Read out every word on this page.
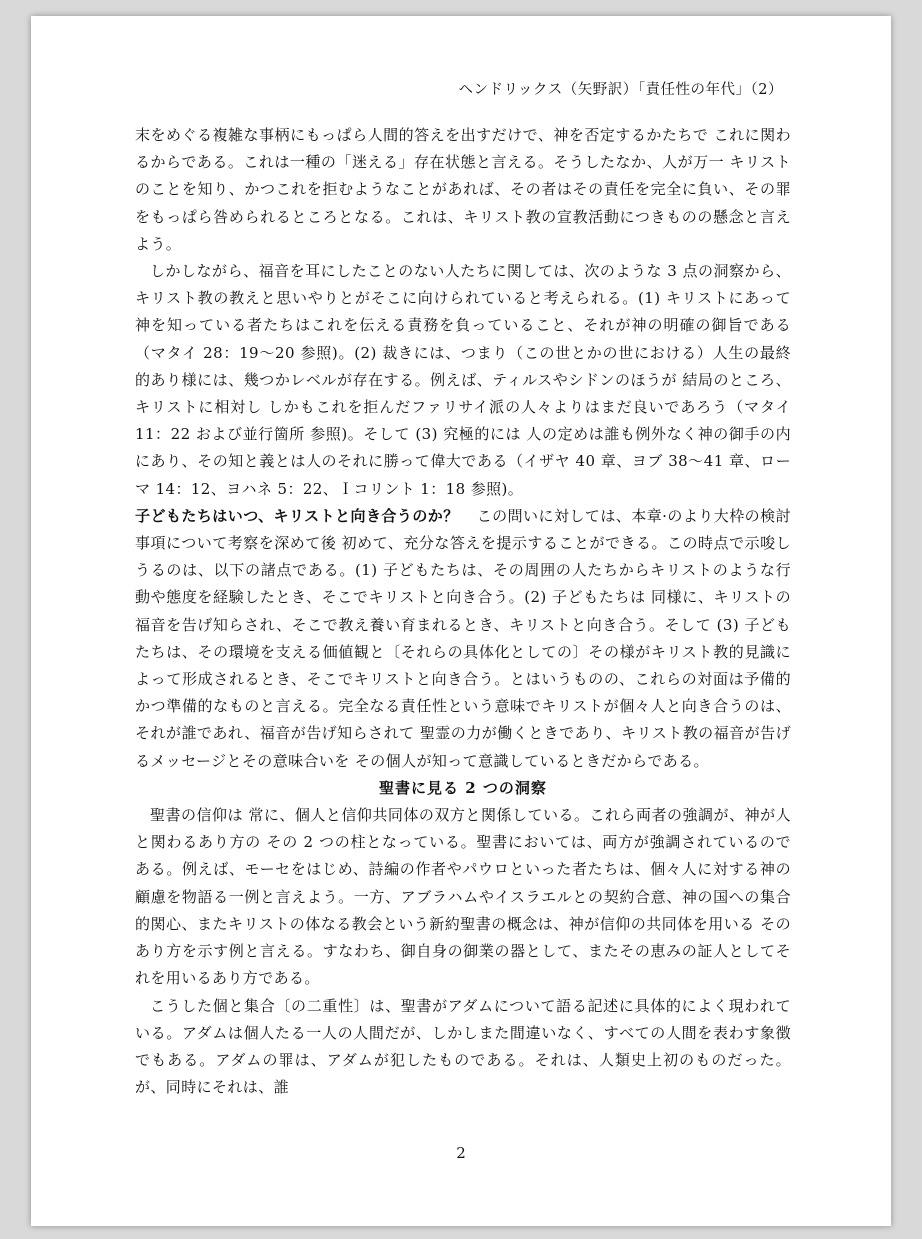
ヘンドリックス（矢野訳）「責任性の年代」（2）

末をめぐる複雑な事柄にもっぱら人間的答えを出すだけで、神を否定するかたちで これに関わるからである。これは一種の「迷える」存在状態と言える。そうしたなか、人が万一 キリストのことを知り、かつこれを拒むようなことがあれば、その者はその責任を完全に負い、その罪をもっぱら咎められるところとなる。これは、キリスト教の宣教活動につきものの懸念と言えよう。

しかしながら、福音を耳にしたことのない人たちに関しては、次のような 3 点の洞察から、キリスト教の教えと思いやりとがそこに向けられていると考えられる。(1) キリストにあって神を知っている者たちはこれを伝える責務を負っていること、それが神の明確の御旨である（マタイ 28：19～20 参照)。(2) 裁きには、つまり（この世とかの世における）人生の最終的あり様には、幾つかレベルが存在する。例えば、ティルスやシドンのほうが 結局のところ、キリストに相対し しかもこれを拒んだファリサイ派の人々よりはまだ良いであろう（マタイ 11：22 および並行箇所 参照)。そして (3) 究極的には 人の定めは誰も例外なく神の御手の内にあり、その知と義とは人のそれに勝って偉大である（イザヤ 40 章、ヨブ 38～41 章、ローマ 14：12、ヨハネ 5：22、Ｉコリント 1：18 参照)。

子どもたちはいつ、キリストと向き合うのか？ この問いに対しては、本章·のより大枠の検討事項について考察を深めて後 初めて、充分な答えを提示することができる。この時点で示唆しうるのは、以下の諸点である。(1) 子どもたちは、その周囲の人たちからキリストのような行動や態度を経験したとき、そこでキリストと向き合う。(2) 子どもたちは 同様に、キリストの福音を告げ知らされ、そこで教え養い育まれるとき、キリストと向き合う。そして (3) 子どもたちは、その環境を支える価値観と〔それらの具体化としての〕その様がキリスト教的見識によって形成されるとき、そこでキリストと向き合う。とはいうものの、これらの対面は予備的かつ準備的なものと言える。完全なる責任性という意味でキリストが個々人と向き合うのは、それが誰であれ、福音が告げ知らされて 聖霊の力が働くときであり、キリスト教の福音が告げるメッセージとその意味合いを その個人が知って意識しているときだからである。

聖書に見る 2 つの洞察

聖書の信仰は 常に、個人と信仰共同体の双方と関係している。これら両者の強調が、神が人と関わるあり方の その 2 つの柱となっている。聖書においては、両方が強調されているのである。例えば、モーセをはじめ、詩編の作者やパウロといった者たちは、個々人に対する神の顧慮を物語る一例と言えよう。一方、アブラハムやイスラエルとの契約合意、神の国への集合的関心、またキリストの体なる教会という新約聖書の概念は、神が信仰の共同体を用いる そのあり方を示す例と言える。すなわち、御自身の御業の器として、またその恵みの証人としてそれを用いるあり方である。

こうした個と集合〔の二重性〕は、聖書がアダムについて語る記述に具体的によく現われている。アダムは個人たる一人の人間だが、しかしまた間違いなく、すべての人間を表わす象徴でもある。アダムの罪は、アダムが犯したものである。それは、人類史上初のものだった。が、同時にそれは、誰

2
